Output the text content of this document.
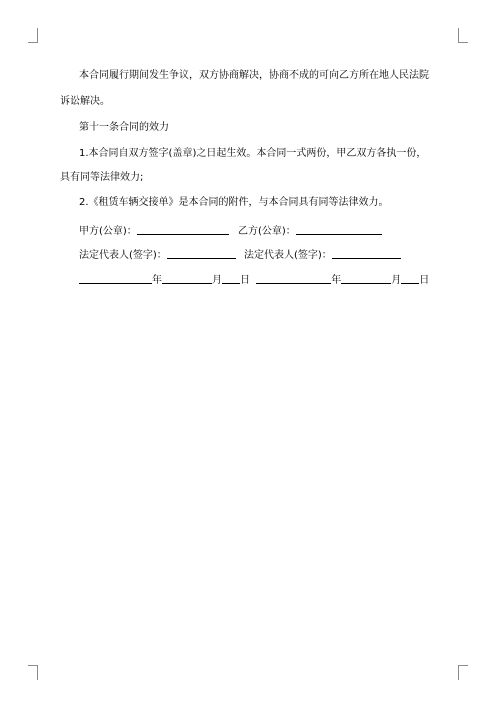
本合同履行期间发生争议，双方协商解决，协商不成的可向乙方所在地人民法院
诉讼解决。
第十一条合同的效力
1.本合同自双方签字(盖章)之日起生效。本合同一式两份，甲乙双方各执一份，
具有同等法律效力;
2.《租赁车辆交接单》是本合同的附件，与本合同具有同等法律效力。
甲方(公章)：	乙方(公章)：
法定代表人(签字)：	法定代表人(签字)：
年	月 日	年	月 日
